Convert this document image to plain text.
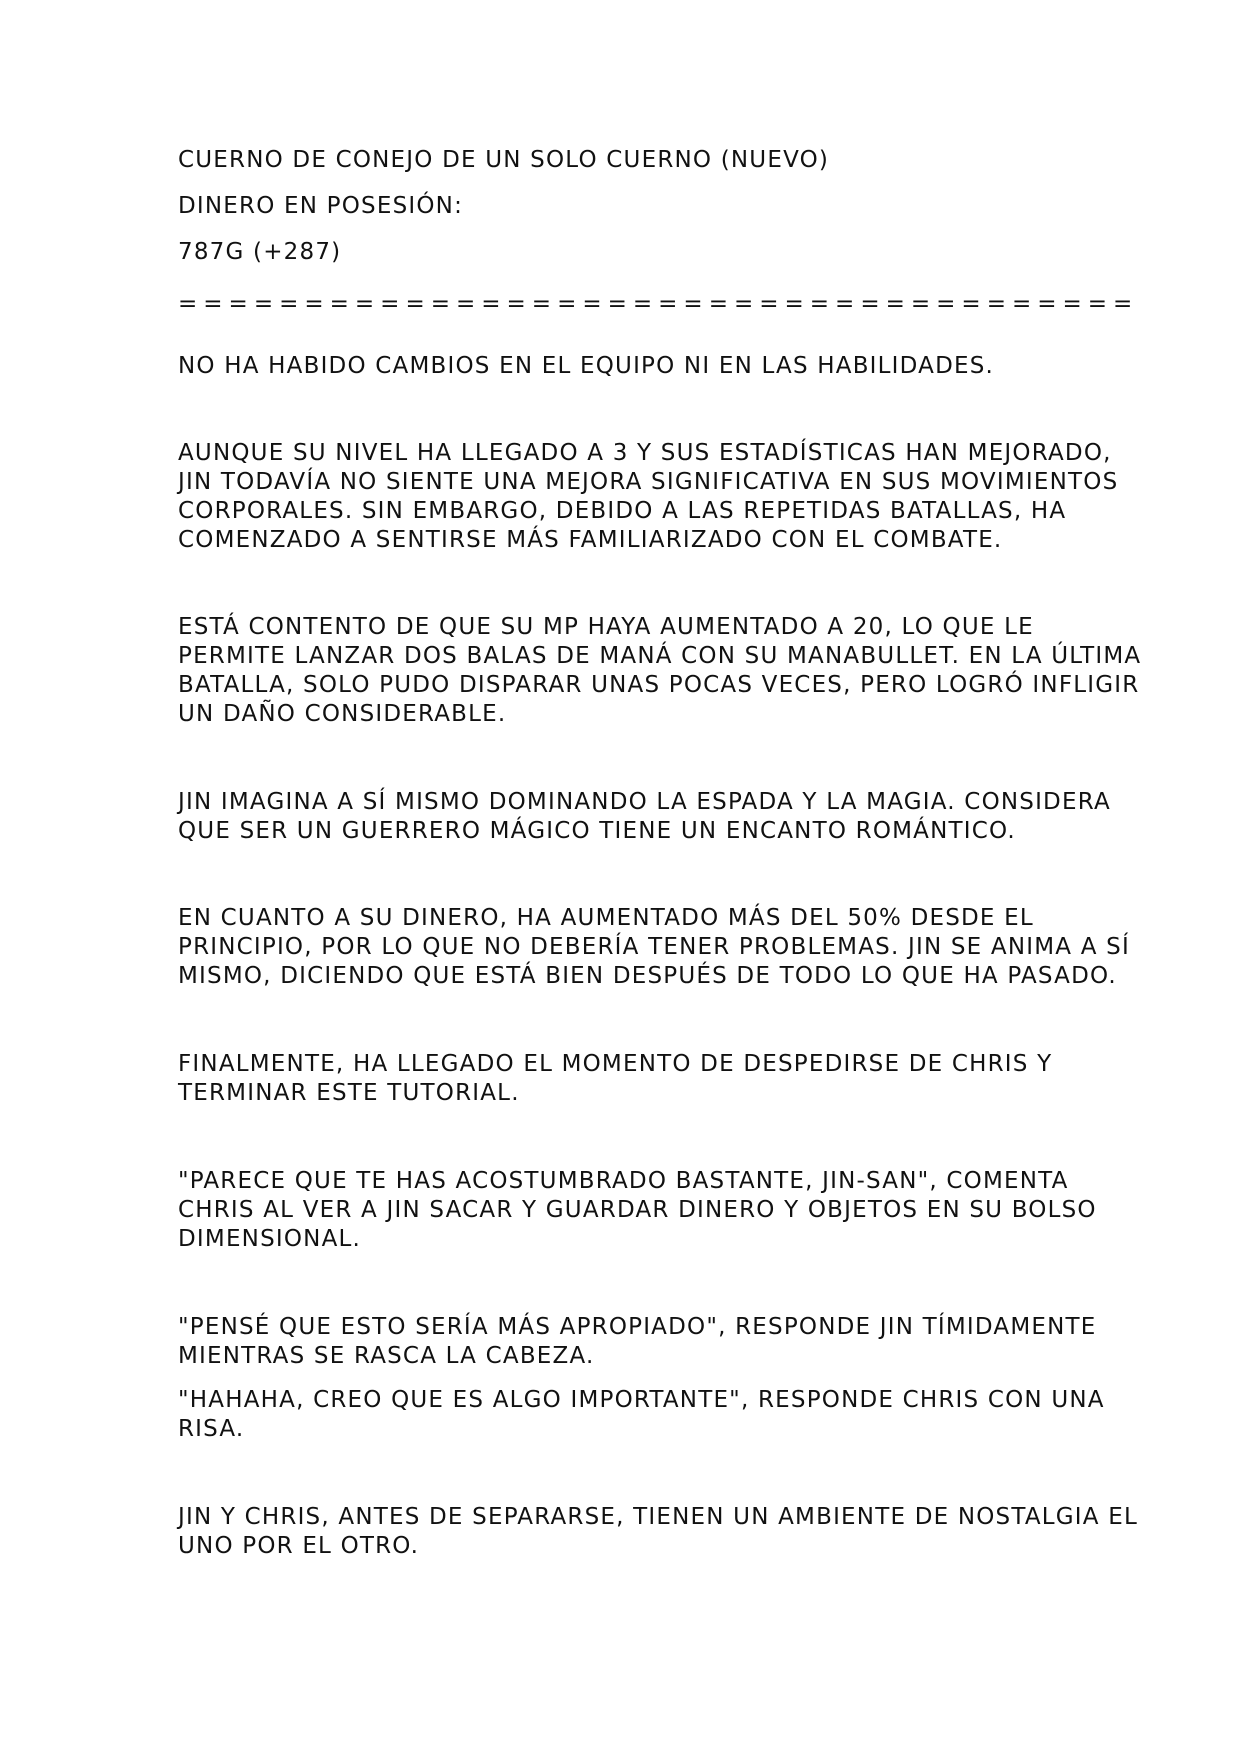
CUERNO DE CONEJO DE UN SOLO CUERNO (NUEVO)
DINERO EN POSESIÓN:
787G (+287)
======================================
NO HA HABIDO CAMBIOS EN EL EQUIPO NI EN LAS HABILIDADES.
AUNQUE SU NIVEL HA LLEGADO A 3 Y SUS ESTADÍSTICAS HAN MEJORADO,
JIN TODAVÍA NO SIENTE UNA MEJORA SIGNIFICATIVA EN SUS MOVIMIENTOS
CORPORALES. SIN EMBARGO, DEBIDO A LAS REPETIDAS BATALLAS, HA
COMENZADO A SENTIRSE MÁS FAMILIARIZADO CON EL COMBATE.
ESTÁ CONTENTO DE QUE SU MP HAYA AUMENTADO A 20, LO QUE LE
PERMITE LANZAR DOS BALAS DE MANÁ CON SU MANABULLET. EN LA ÚLTIMA
BATALLA, SOLO PUDO DISPARAR UNAS POCAS VECES, PERO LOGRÓ INFLIGIR
UN DAÑO CONSIDERABLE.
JIN IMAGINA A SÍ MISMO DOMINANDO LA ESPADA Y LA MAGIA. CONSIDERA
QUE SER UN GUERRERO MÁGICO TIENE UN ENCANTO ROMÁNTICO.
EN CUANTO A SU DINERO, HA AUMENTADO MÁS DEL 50% DESDE EL
PRINCIPIO, POR LO QUE NO DEBERÍA TENER PROBLEMAS. JIN SE ANIMA A SÍ
MISMO, DICIENDO QUE ESTÁ BIEN DESPUÉS DE TODO LO QUE HA PASADO.
FINALMENTE, HA LLEGADO EL MOMENTO DE DESPEDIRSE DE CHRIS Y
TERMINAR ESTE TUTORIAL.
"PARECE QUE TE HAS ACOSTUMBRADO BASTANTE, JIN-SAN", COMENTA
CHRIS AL VER A JIN SACAR Y GUARDAR DINERO Y OBJETOS EN SU BOLSO
DIMENSIONAL.
"PENSÉ QUE ESTO SERÍA MÁS APROPIADO", RESPONDE JIN TÍMIDAMENTE
MIENTRAS SE RASCA LA CABEZA.
"HAHAHA, CREO QUE ES ALGO IMPORTANTE", RESPONDE CHRIS CON UNA
RISA.
JIN Y CHRIS, ANTES DE SEPARARSE, TIENEN UN AMBIENTE DE NOSTALGIA EL
UNO POR EL OTRO.
